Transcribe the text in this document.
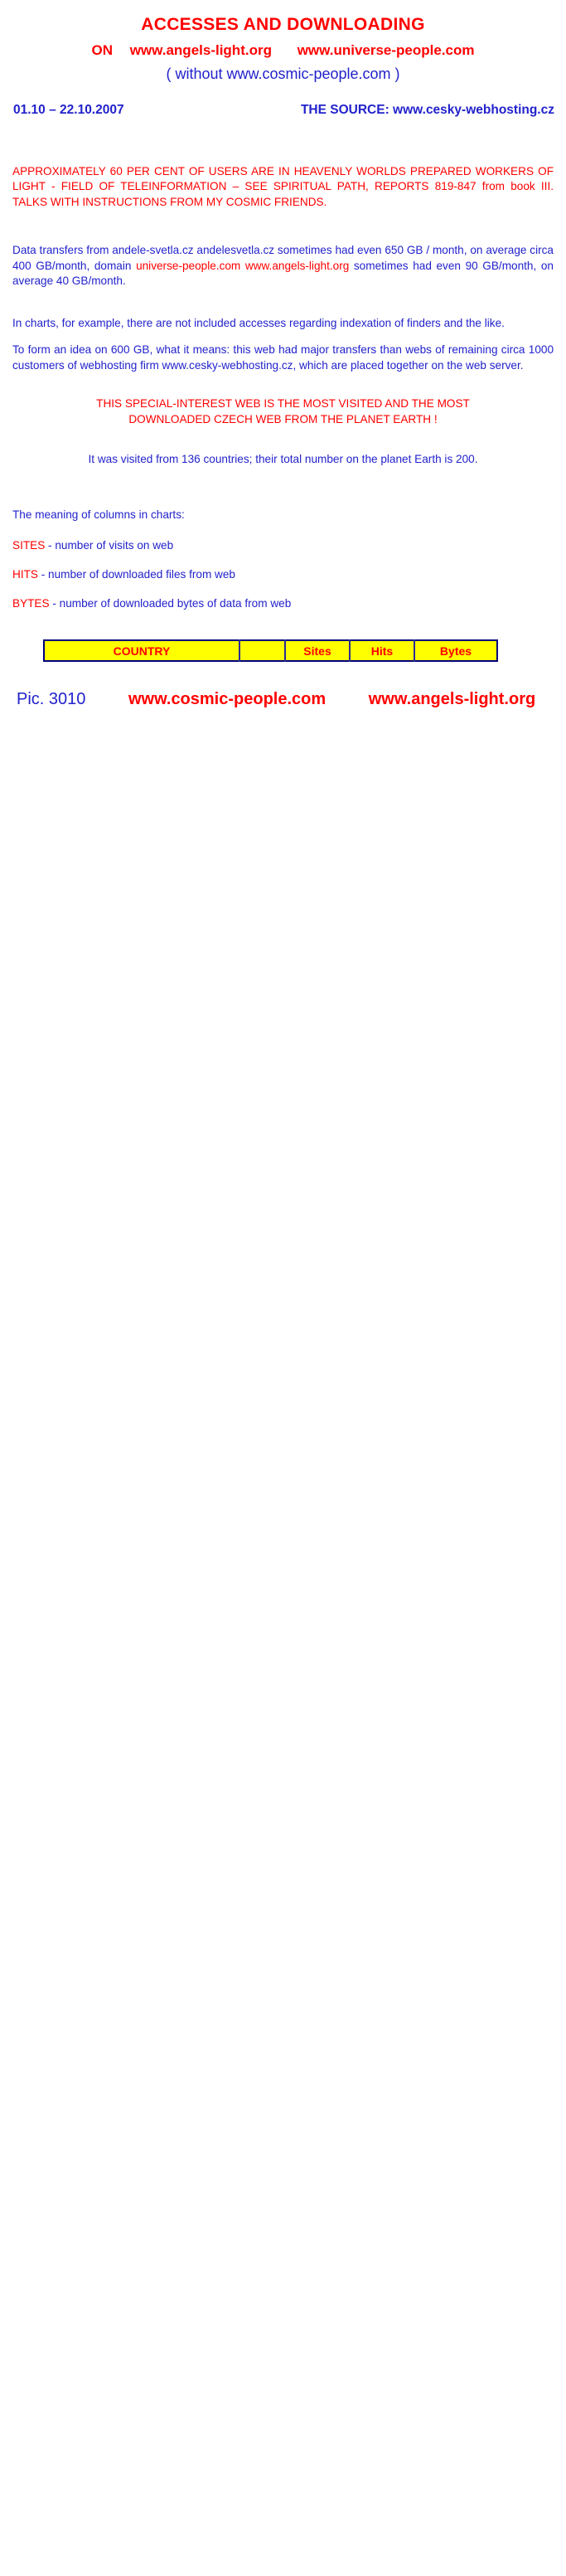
ACCESSES AND DOWNLOADING
ON www.angels-light.org www.universe-people.com
( without www.cosmic-people.com )
01.10 – 22.10.2007	THE SOURCE: www.cesky-webhosting.cz

APPROXIMATELY 60 PER CENT OF USERS ARE IN HEAVENLY WORLDS PREPARED WORKERS OF LIGHT - FIELD OF TELEINFORMATION – SEE SPIRITUAL PATH, REPORTS 819-847 from book III. TALKS WITH INSTRUCTIONS FROM MY COSMIC FRIENDS.

Data transfers from andele-svetla.cz andelesvetla.cz sometimes had even 650 GB / month, on average circa 400 GB/month, domain universe-people.com www.angels-light.org sometimes had even 90 GB/month, on average 40 GB/month.

In charts, for example, there are not included accesses regarding indexation of finders and the like.

To form an idea on 600 GB, what it means: this web had major transfers than webs of remaining circa 1000 customers of webhosting firm www.cesky-webhosting.cz, which are placed together on the web server.

THIS SPECIAL-INTEREST WEB IS THE MOST VISITED AND THE MOST DOWNLOADED CZECH WEB FROM THE PLANET EARTH !

It was visited from 136 countries; their total number on the planet Earth is 200.

The meaning of columns in charts:

SITES - number of visits on web
HITS - number of downloaded files from web
BYTES - number of downloaded bytes of data from web
COUNTRY		Sites	Hits	Bytes
Pic. 3010	www.cosmic-people.com	www.angels-light.org
